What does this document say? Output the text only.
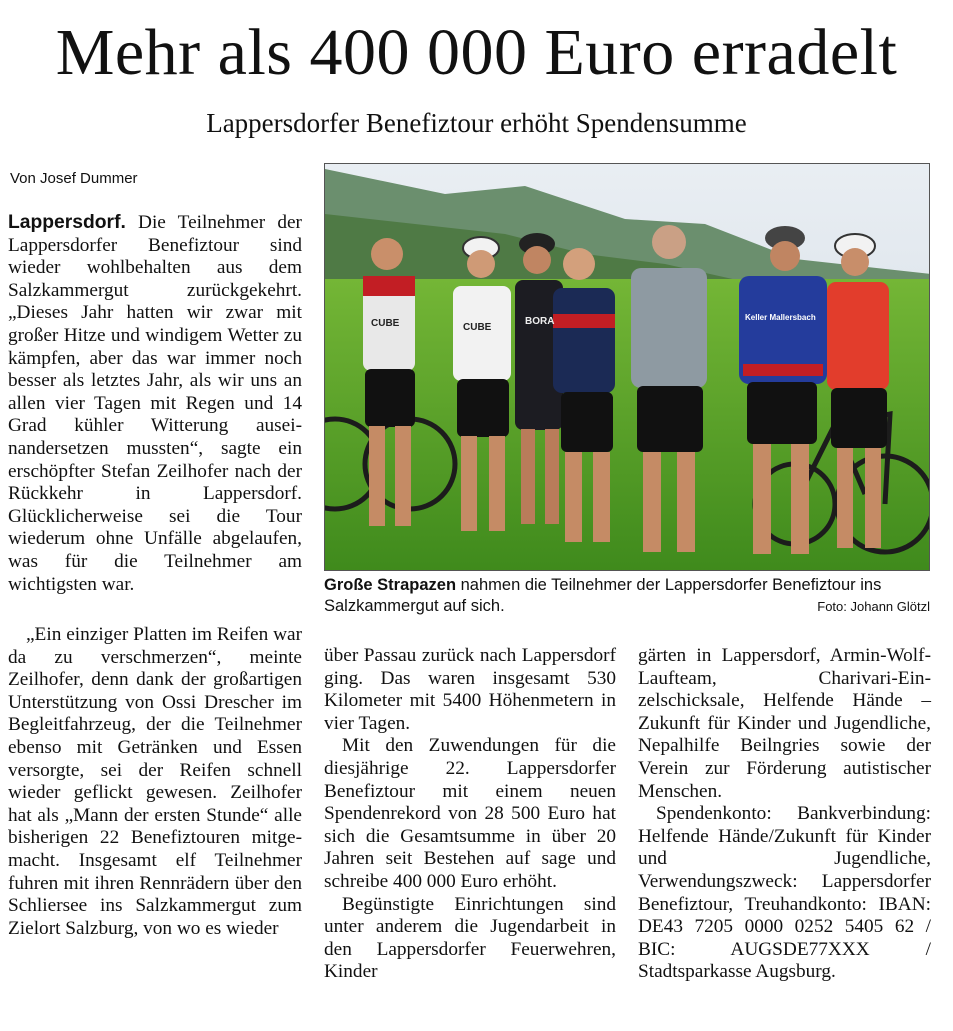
Mehr als 400 000 Euro erradelt
Lappersdorfer Benefiztour erhöht Spendensumme
Von Josef Dummer

Lappersdorf. Die Teilnehmer der Lappersdorfer Benefiztour sind wieder wohlbehalten aus dem Salzkammergut zurückgekehrt. „Dieses Jahr hatten wir zwar mit großer Hitze und windigem Wetter zu kämpfen, aber das war immer noch besser als letztes Jahr, als wir uns an allen vier Tagen mit Regen und 14 Grad kühler Witterung auseinandersetzen mussten“, sagte ein erschöpfter Stefan Zeilhofer nach der Rückkehr in Lappersdorf. Glücklicherweise sei die Tour wiederum ohne Unfälle abgelaufen, was für die Teilnehmer am wichtigsten war.

„Ein einziger Platten im Reifen war da zu verschmerzen“, meinte Zeilhofer, denn dank der großartigen Unterstützung von Ossi Drescher im Begleitfahrzeug, der die Teilnehmer ebenso mit Getränken und Essen versorgte, sei der Reifen schnell wieder geflickt gewesen. Zeilhofer hat als „Mann der ersten Stunde“ alle bisherigen 22 Benefiztouren mitgemacht. Insgesamt elf Teilnehmer fuhren mit ihren Rennrädern über den Schliersee ins Salzkammergut zum Zielort Salzburg, von wo es wieder

CUBE	CUBE
BORA	Keller Mallersbach
Große Strapazen nahmen die Teilnehmer der Lappersdorfer Benefiztour ins Salzkammergut auf sich.	Foto: Johann Glötzl

über Passau zurück nach Lappersdorf ging. Das waren insgesamt 530 Kilometer mit 5400 Höhenmetern in vier Tagen.

Mit den Zuwendungen für die diesjährige 22. Lappersdorfer Benefiztour mit einem neuen Spendenrekord von 28 500 Euro hat sich die Gesamtsumme in über 20 Jahren seit Bestehen auf sage und schreibe 400 000 Euro erhöht.

Begünstigte Einrichtungen sind unter anderem die Jugendarbeit in den Lappersdorfer Feuerwehren, Kinder

gärten in Lappersdorf, Armin-Wolf-Laufteam, Charivari-Einzelschicksale, Helfende Hände – Zukunft für Kinder und Jugendliche, Nepalhilfe Beilngries sowie der Verein zur Förderung autistischer Menschen.

Spendenkonto: Bankverbindung: Helfende Hände/Zukunft für Kinder und Jugendliche, Verwendungszweck: Lappersdorfer Benefiztour, Treuhandkonto: IBAN: DE43 7205 0000 0252 5405 62 / BIC: AUGSDE77XXX / Stadtsparkasse Augsburg.
